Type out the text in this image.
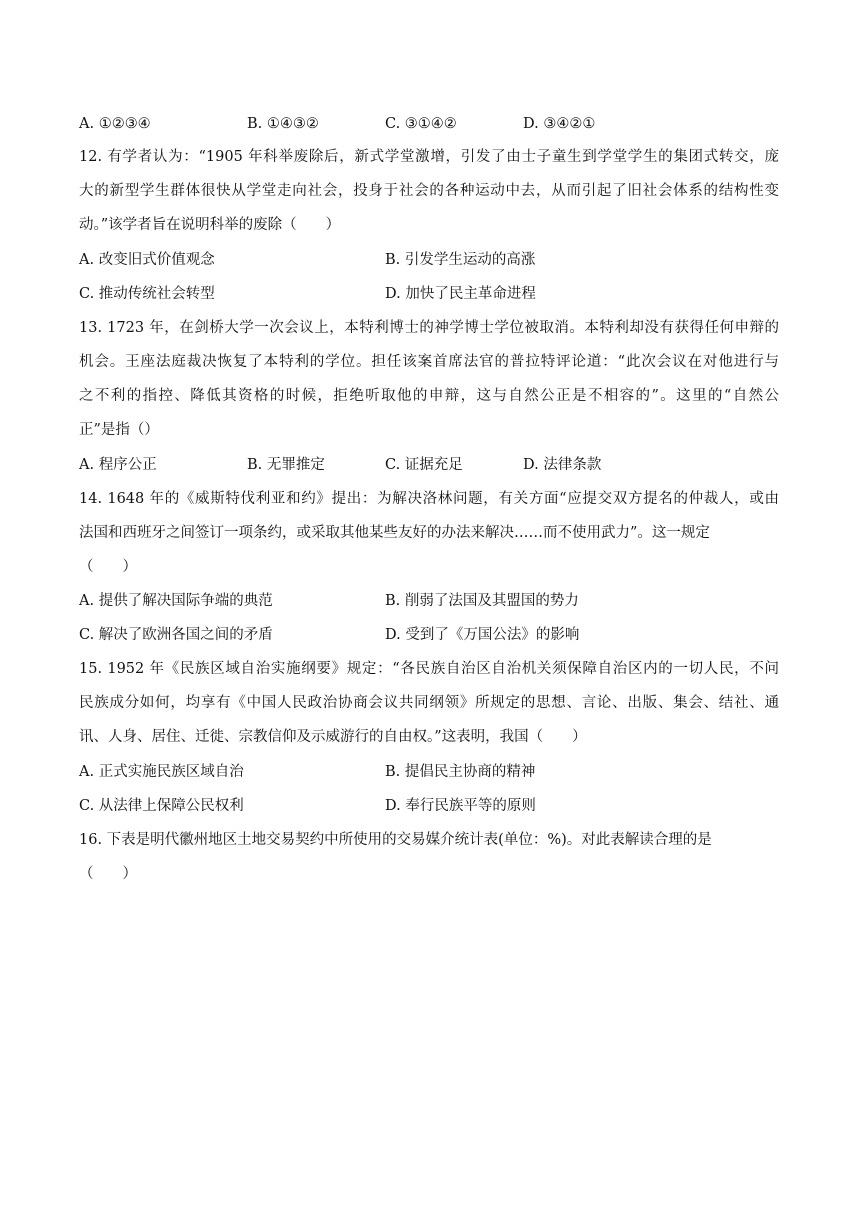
A. ①②③④	B. ①④③②	C. ③①④②	D. ③④②①
12. 有学者认为：“1905 年科举废除后，新式学堂激增，引发了由士子童生到学堂学生的集团式转交，庞
大的新型学生群体很快从学堂走向社会，投身于社会的各种运动中去，从而引起了旧社会体系的结构性变
动。”该学者旨在说明科举的废除（　　）
A. 改变旧式价值观念	B. 引发学生运动的高涨
C. 推动传统社会转型	D. 加快了民主革命进程
13. 1723 年，在剑桥大学一次会议上，本特利博士的神学博士学位被取消。本特利却没有获得任何申辩的
机会。王座法庭裁决恢复了本特利的学位。担任该案首席法官的普拉特评论道：“此次会议在对他进行与
之不利的指控、降低其资格的时候，拒绝听取他的申辩，这与自然公正是不相容的”。这里的“自然公
正”是指（）
A. 程序公正	B. 无罪推定	C. 证据充足	D. 法律条款
14. 1648 年的《威斯特伐利亚和约》提出：为解决洛林问题，有关方面“应提交双方提名的仲裁人，或由
法国和西班牙之间签订一项条约，或采取其他某些友好的办法来解决……而不使用武力”。这一规定
（　　）
A. 提供了解决国际争端的典范	B. 削弱了法国及其盟国的势力
C. 解决了欧洲各国之间的矛盾	D. 受到了《万国公法》的影响
15. 1952 年《民族区域自治实施纲要》规定：“各民族自治区自治机关须保障自治区内的一切人民，不问
民族成分如何，均享有《中国人民政治协商会议共同纲领》所规定的思想、言论、出版、集会、结社、通
讯、人身、居住、迁徙、宗教信仰及示威游行的自由权。”这表明，我国（　　）
A. 正式实施民族区域自治	B. 提倡民主协商的精神
C. 从法律上保障公民权利	D. 奉行民族平等的原则
16. 下表是明代徽州地区土地交易契约中所使用的交易媒介统计表(单位：%)。对此表解读合理的是
（　　）
